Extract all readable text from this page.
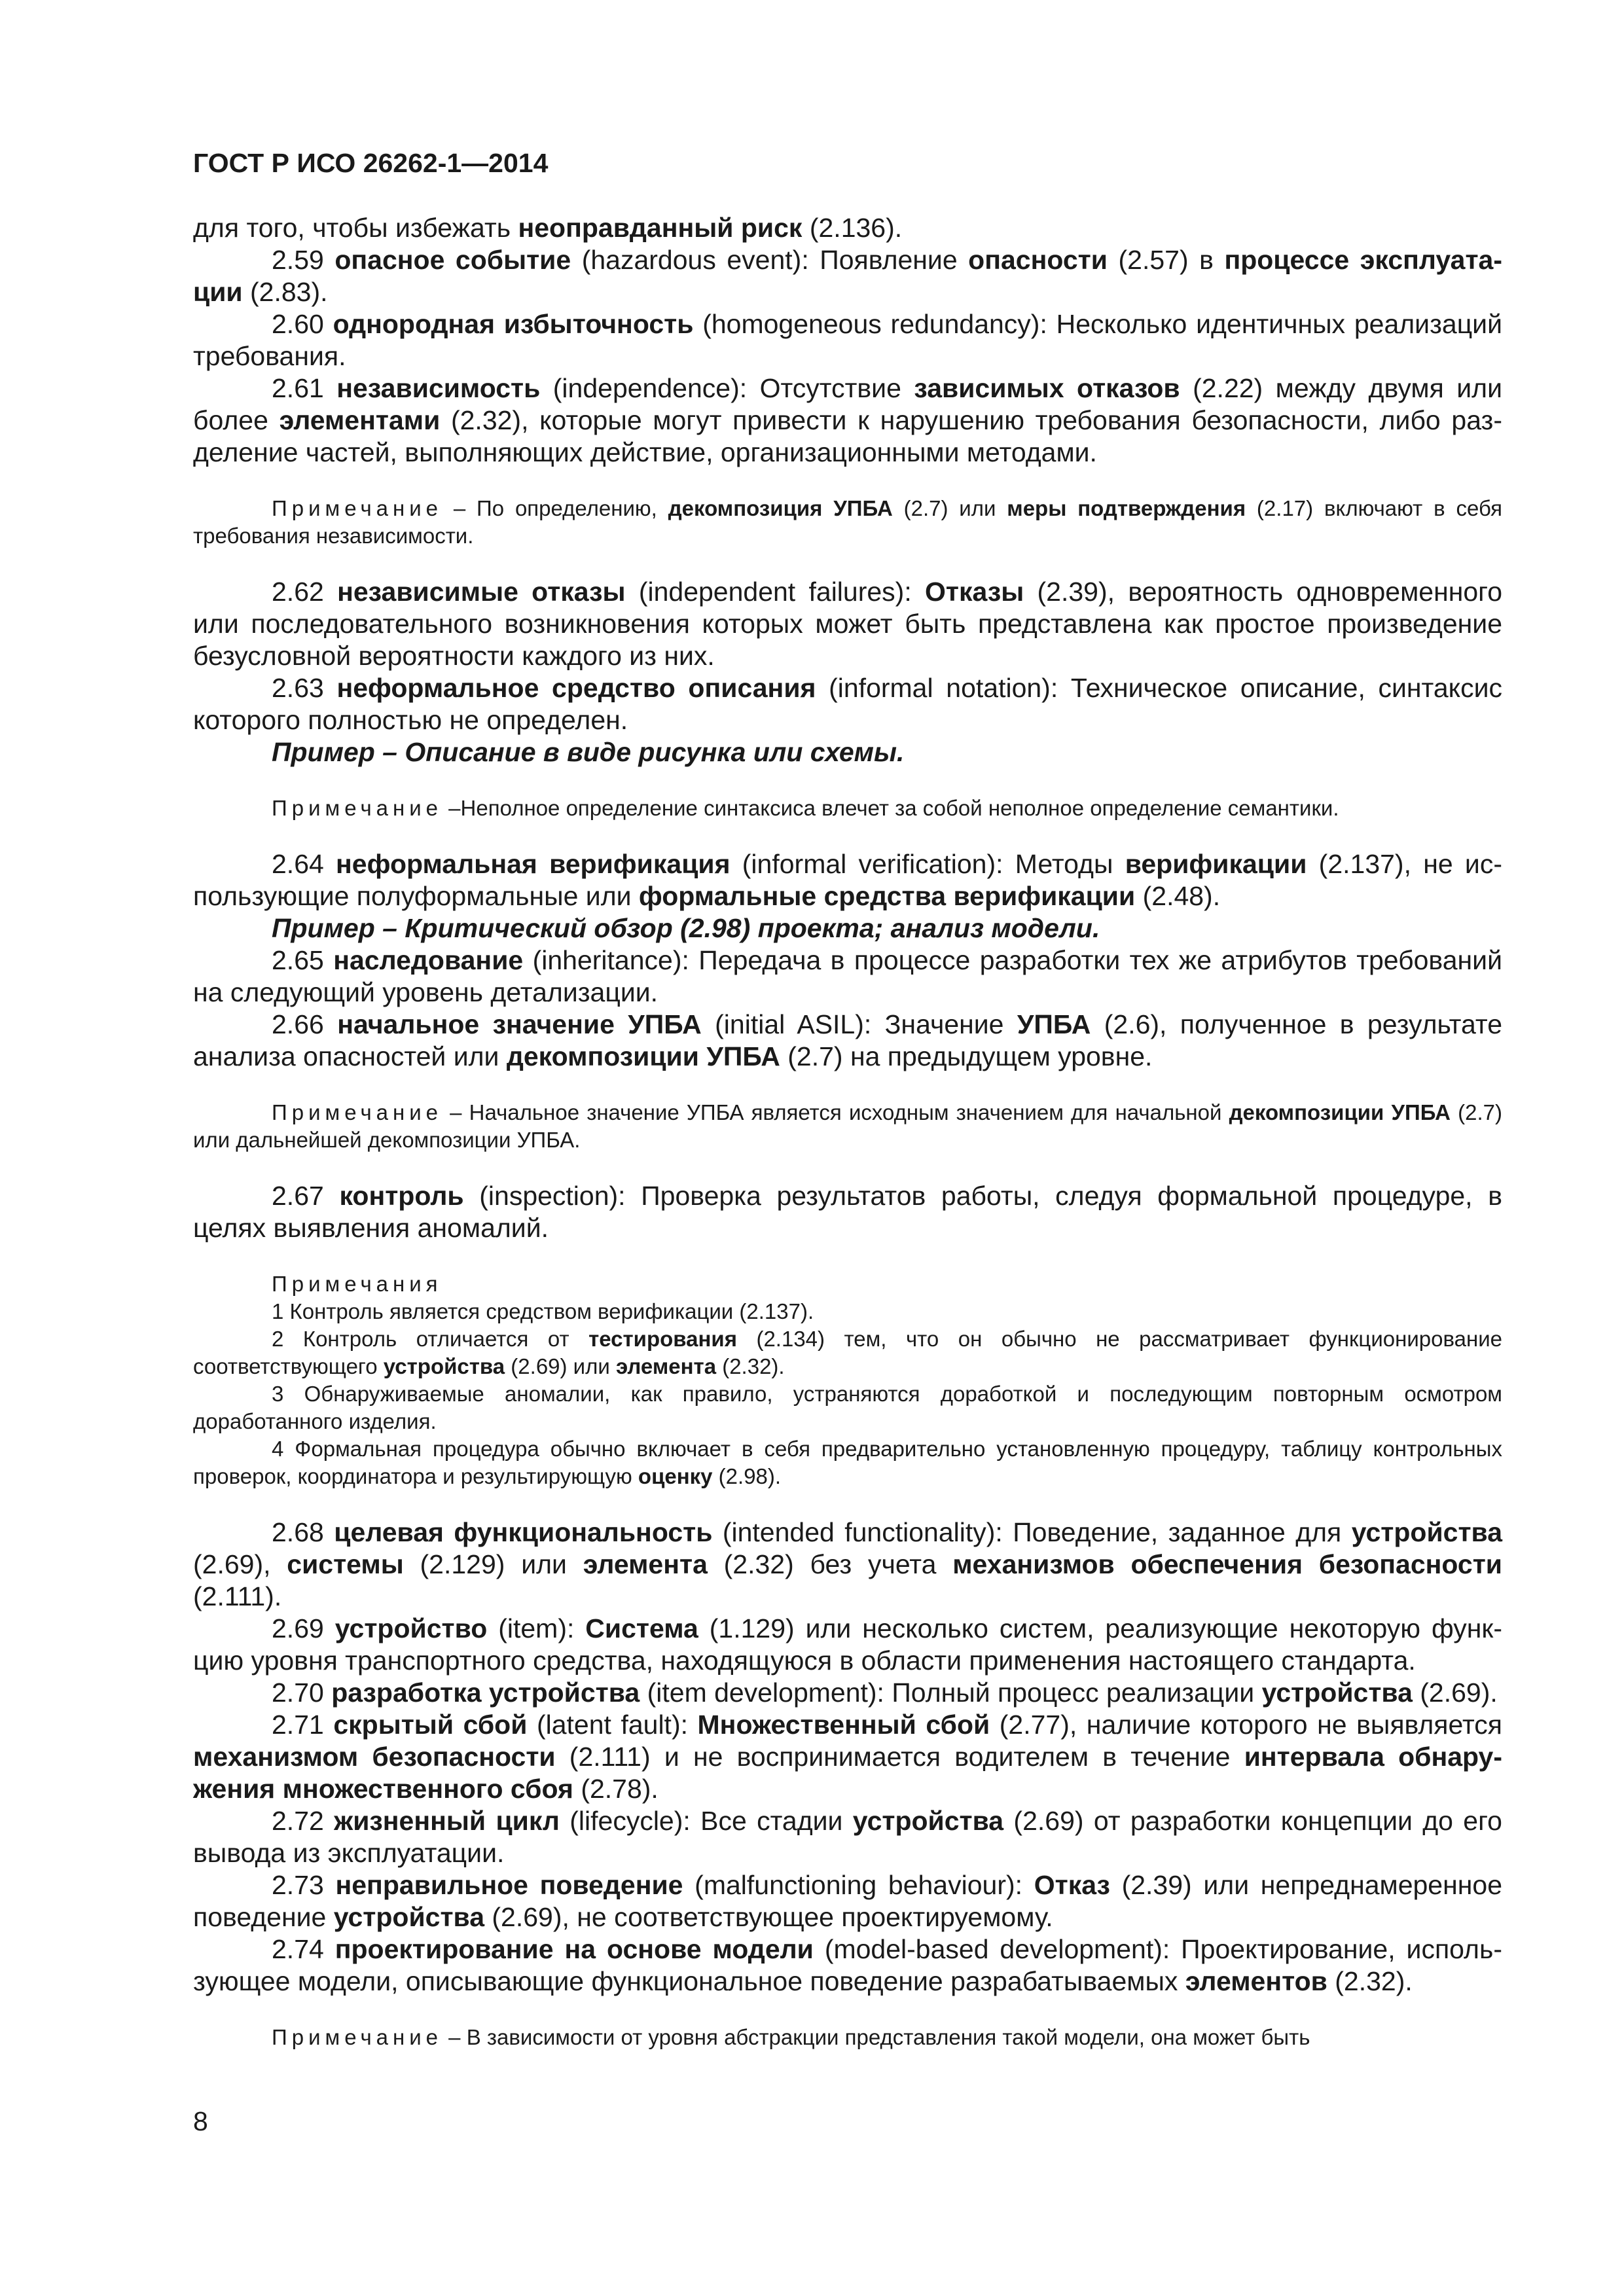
ГОСТ Р ИСО 26262-1—2014
для того, чтобы избежать неоправданный риск (2.136).
2.59 опасное событие (hazardous event): Появление опасности (2.57) в процессе эксплуатации (2.83).
2.60 однородная избыточность (homogeneous redundancy): Несколько идентичных реализаций требования.
2.61 независимость (independence): Отсутствие зависимых отказов (2.22) между двумя или более элементами (2.32), которые могут привести к нарушению требования безопасности, либо разделение частей, выполняющих действие, организационными методами.
Примечание – По определению, декомпозиция УПБА (2.7) или меры подтверждения (2.17) включают в себя требования независимости.
2.62 независимые отказы (independent failures): Отказы (2.39), вероятность одновременного или последовательного возникновения которых может быть представлена как простое произведение безусловной вероятности каждого из них.
2.63 неформальное средство описания (informal notation): Техническое описание, синтаксис которого полностью не определен.
Пример – Описание в виде рисунка или схемы.
Примечание –Неполное определение синтаксиса влечет за собой неполное определение семантики.
2.64 неформальная верификация (informal verification): Методы верификации (2.137), не использующие полуформальные или формальные средства верификации (2.48).
Пример – Критический обзор (2.98) проекта; анализ модели.
2.65 наследование (inheritance): Передача в процессе разработки тех же атрибутов требований на следующий уровень детализации.
2.66 начальное значение УПБА (initial ASIL): Значение УПБА (2.6), полученное в результате анализа опасностей или декомпозиции УПБА (2.7) на предыдущем уровне.
Примечание – Начальное значение УПБА является исходным значением для начальной декомпозиции УПБА (2.7) или дальнейшей декомпозиции УПБА.
2.67 контроль (inspection): Проверка результатов работы, следуя формальной процедуре, в целях выявления аномалий.
Примечания
1 Контроль является средством верификации (2.137).
2 Контроль отличается от тестирования (2.134) тем, что он обычно не рассматривает функционирование соответствующего устройства (2.69) или элемента (2.32).
3 Обнаруживаемые аномалии, как правило, устраняются доработкой и последующим повторным осмотром доработанного изделия.
4 Формальная процедура обычно включает в себя предварительно установленную процедуру, таблицу контрольных проверок, координатора и результирующую оценку (2.98).
2.68 целевая функциональность (intended functionality): Поведение, заданное для устройства (2.69), системы (2.129) или элемента (2.32) без учета механизмов обеспечения безопасности (2.111).
2.69 устройство (item): Система (1.129) или несколько систем, реализующие некоторую функцию уровня транспортного средства, находящуюся в области применения настоящего стандарта.
2.70 разработка устройства (item development): Полный процесс реализации устройства (2.69).
2.71 скрытый сбой (latent fault): Множественный сбой (2.77), наличие которого не выявляется механизмом безопасности (2.111) и не воспринимается водителем в течение интервала обнаружения множественного сбоя (2.78).
2.72 жизненный цикл (lifecycle): Все стадии устройства (2.69) от разработки концепции до его вывода из эксплуатации.
2.73 неправильное поведение (malfunctioning behaviour): Отказ (2.39) или непреднамеренное поведение устройства (2.69), не соответствующее проектируемому.
2.74 проектирование на основе модели (model-based development): Проектирование, использующее модели, описывающие функциональное поведение разрабатываемых элементов (2.32).
Примечание – В зависимости от уровня абстракции представления такой модели, она может быть
8
